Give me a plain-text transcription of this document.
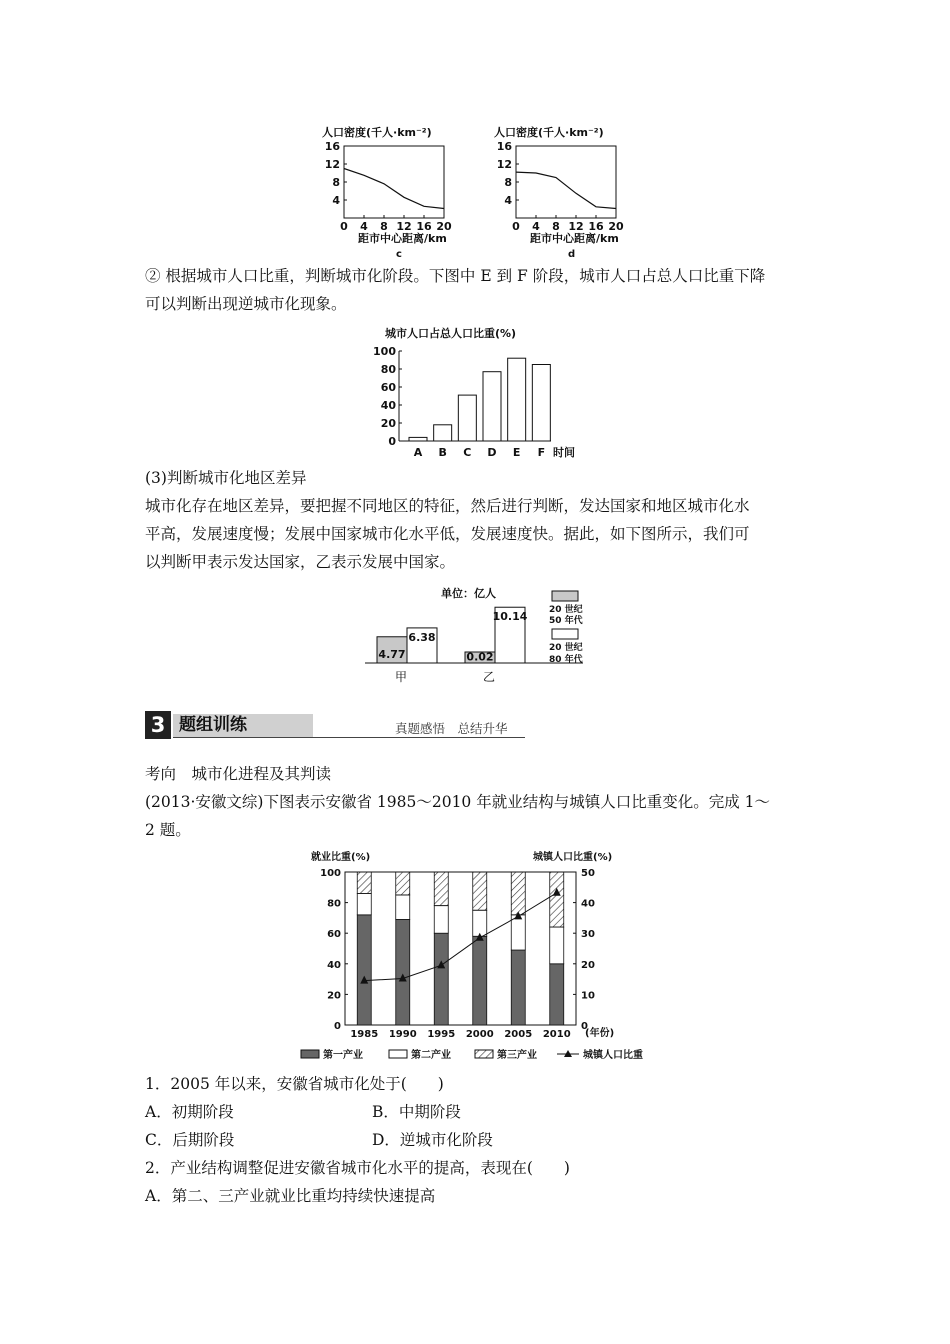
人口密度(千人·km⁻²)
16
12
8
4
0 4 8 12 16 20
距市中心距离/km
c
人口密度(千人·km⁻²)
16
12
8
4
0 4 8 12 16 20
距市中心距离/km
d
② 根据城市人口比重，判断城市化阶段。下图中 E 到 F 阶段，城市人口占总人口比重下降
可以判断出现逆城市化现象。
城市人口占总人口比重(%)
100
80
60
40
20
0
A B C D E F 时间
(3)判断城市化地区差异
城市化存在地区差异，要把握不同地区的特征，然后进行判断，发达国家和地区城市化水
平高，发展速度慢；发展中国家城市化水平低，发展速度快。据此，如下图所示，我们可
以判断甲表示发达国家，乙表示发展中国家。
单位：亿人
4.77
6.38
0.02
10.14
20 世纪
50 年代
20 世纪
80 年代
甲	乙
3 题组训练	真题感悟　总结升华
考向　城市化进程及其判读
(2013·安徽文综)下图表示安徽省 1985～2010 年就业结构与城镇人口比重变化。完成 1～
2 题。
就业比重(%)	城镇人口比重(%)
100
80
60
40
20
0
50
40
30
20
10
0
1985 1990 1995 2000 2005 2010 (年份)
第一产业	第二产业	第三产业	城镇人口比重
1．2005 年以来，安徽省城市化处于(　　)
A．初期阶段	B．中期阶段
C．后期阶段	D．逆城市化阶段
2．产业结构调整促进安徽省城市化水平的提高，表现在(　　)
A．第二、三产业就业比重均持续快速提高
